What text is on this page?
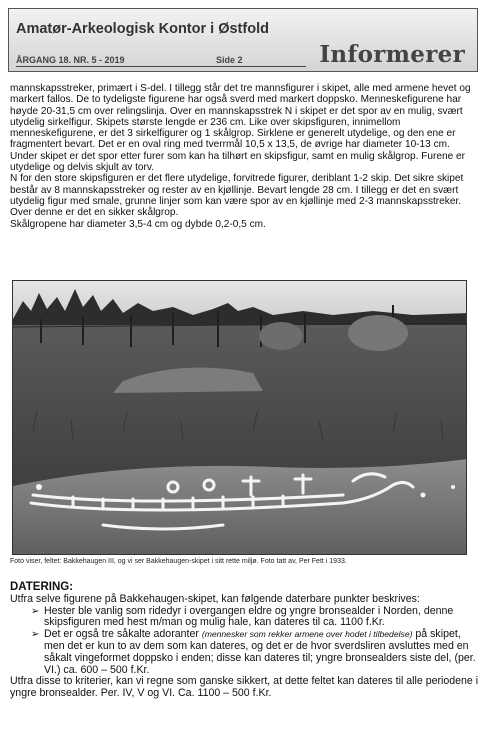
Amatør-Arkeologisk Kontor i Østfold
ÅRGANG 18. NR. 5 - 2019	Side 2	Informerer

mannskapsstreker, primært i S-del. I tillegg står det tre mannsfigurer i skipet, alle med armene hevet og markert fallos. De to tydeligste figurene har også sverd med markert doppsko. Menneskefigurene har høyde 20-31,5 cm over relingslinja. Over en mannskapsstrek N i skipet er det spor av en mulig, svært utydelig sirkelfigur. Skipets største lengde er 236 cm. Like over skipsfiguren, innimellom menneskefigurene, er det 3 sirkelfigurer og 1 skålgrop. Sirklene er generelt utydelige, og den ene er fragmentert bevart. Det er en oval ring med tverrmål 10,5 x 13,5, de øvrige har diameter 10-13 cm.

Under skipet er det spor etter furer som kan ha tilhørt en skipsfigur, samt en mulig skålgrop. Furene er utydelige og delvis skjult av torv.

N for den store skipsfiguren er det flere utydelige, forvitrede figurer, deriblant 1-2 skip. Det sikre skipet består av 8 mannskapsstreker og rester av en kjøllinje. Bevart lengde 28 cm. I tillegg er det en svært utydelig figur med smale, grunne linjer som kan være spor av en kjøllinje med 2-3 mannskapsstreker. Over denne er det en sikker skålgrop.

Skålgropene har diameter 3,5-4 cm og dybde 0,2-0,5 cm.

Foto viser, feltet: Bakkehaugen III, og vi ser Bakkehaugen-skipet i sitt rette miljø. Foto tatt av, Per Fett i 1933.
DATERING:
Utfra selve figurene på Bakkehaugen-skipet, kan følgende daterbare punkter beskrives:
➢ Hester ble vanlig som ridedyr i overgangen eldre og yngre bronsealder i Norden, denne skipsfiguren med hest m/man og mulig hale, kan dateres til ca. 1100 f.Kr.
➢ Det er også tre såkalte adoranter (mennesker som rekker armene over hodet i tilbedelse) på skipet, men det er kun to av dem som kan dateres, og det er de hvor sverdsliren avsluttes med en såkalt vingeformet doppsko i enden; disse kan dateres til; yngre bronsealders siste del, (per. VI.) ca. 600 – 500 f.Kr.
Utfra disse to kriterier, kan vi regne som ganske sikkert, at dette feltet kan dateres til alle periodene i yngre bronsealder. Per. IV, V og VI. Ca. 1100 – 500 f.Kr.
